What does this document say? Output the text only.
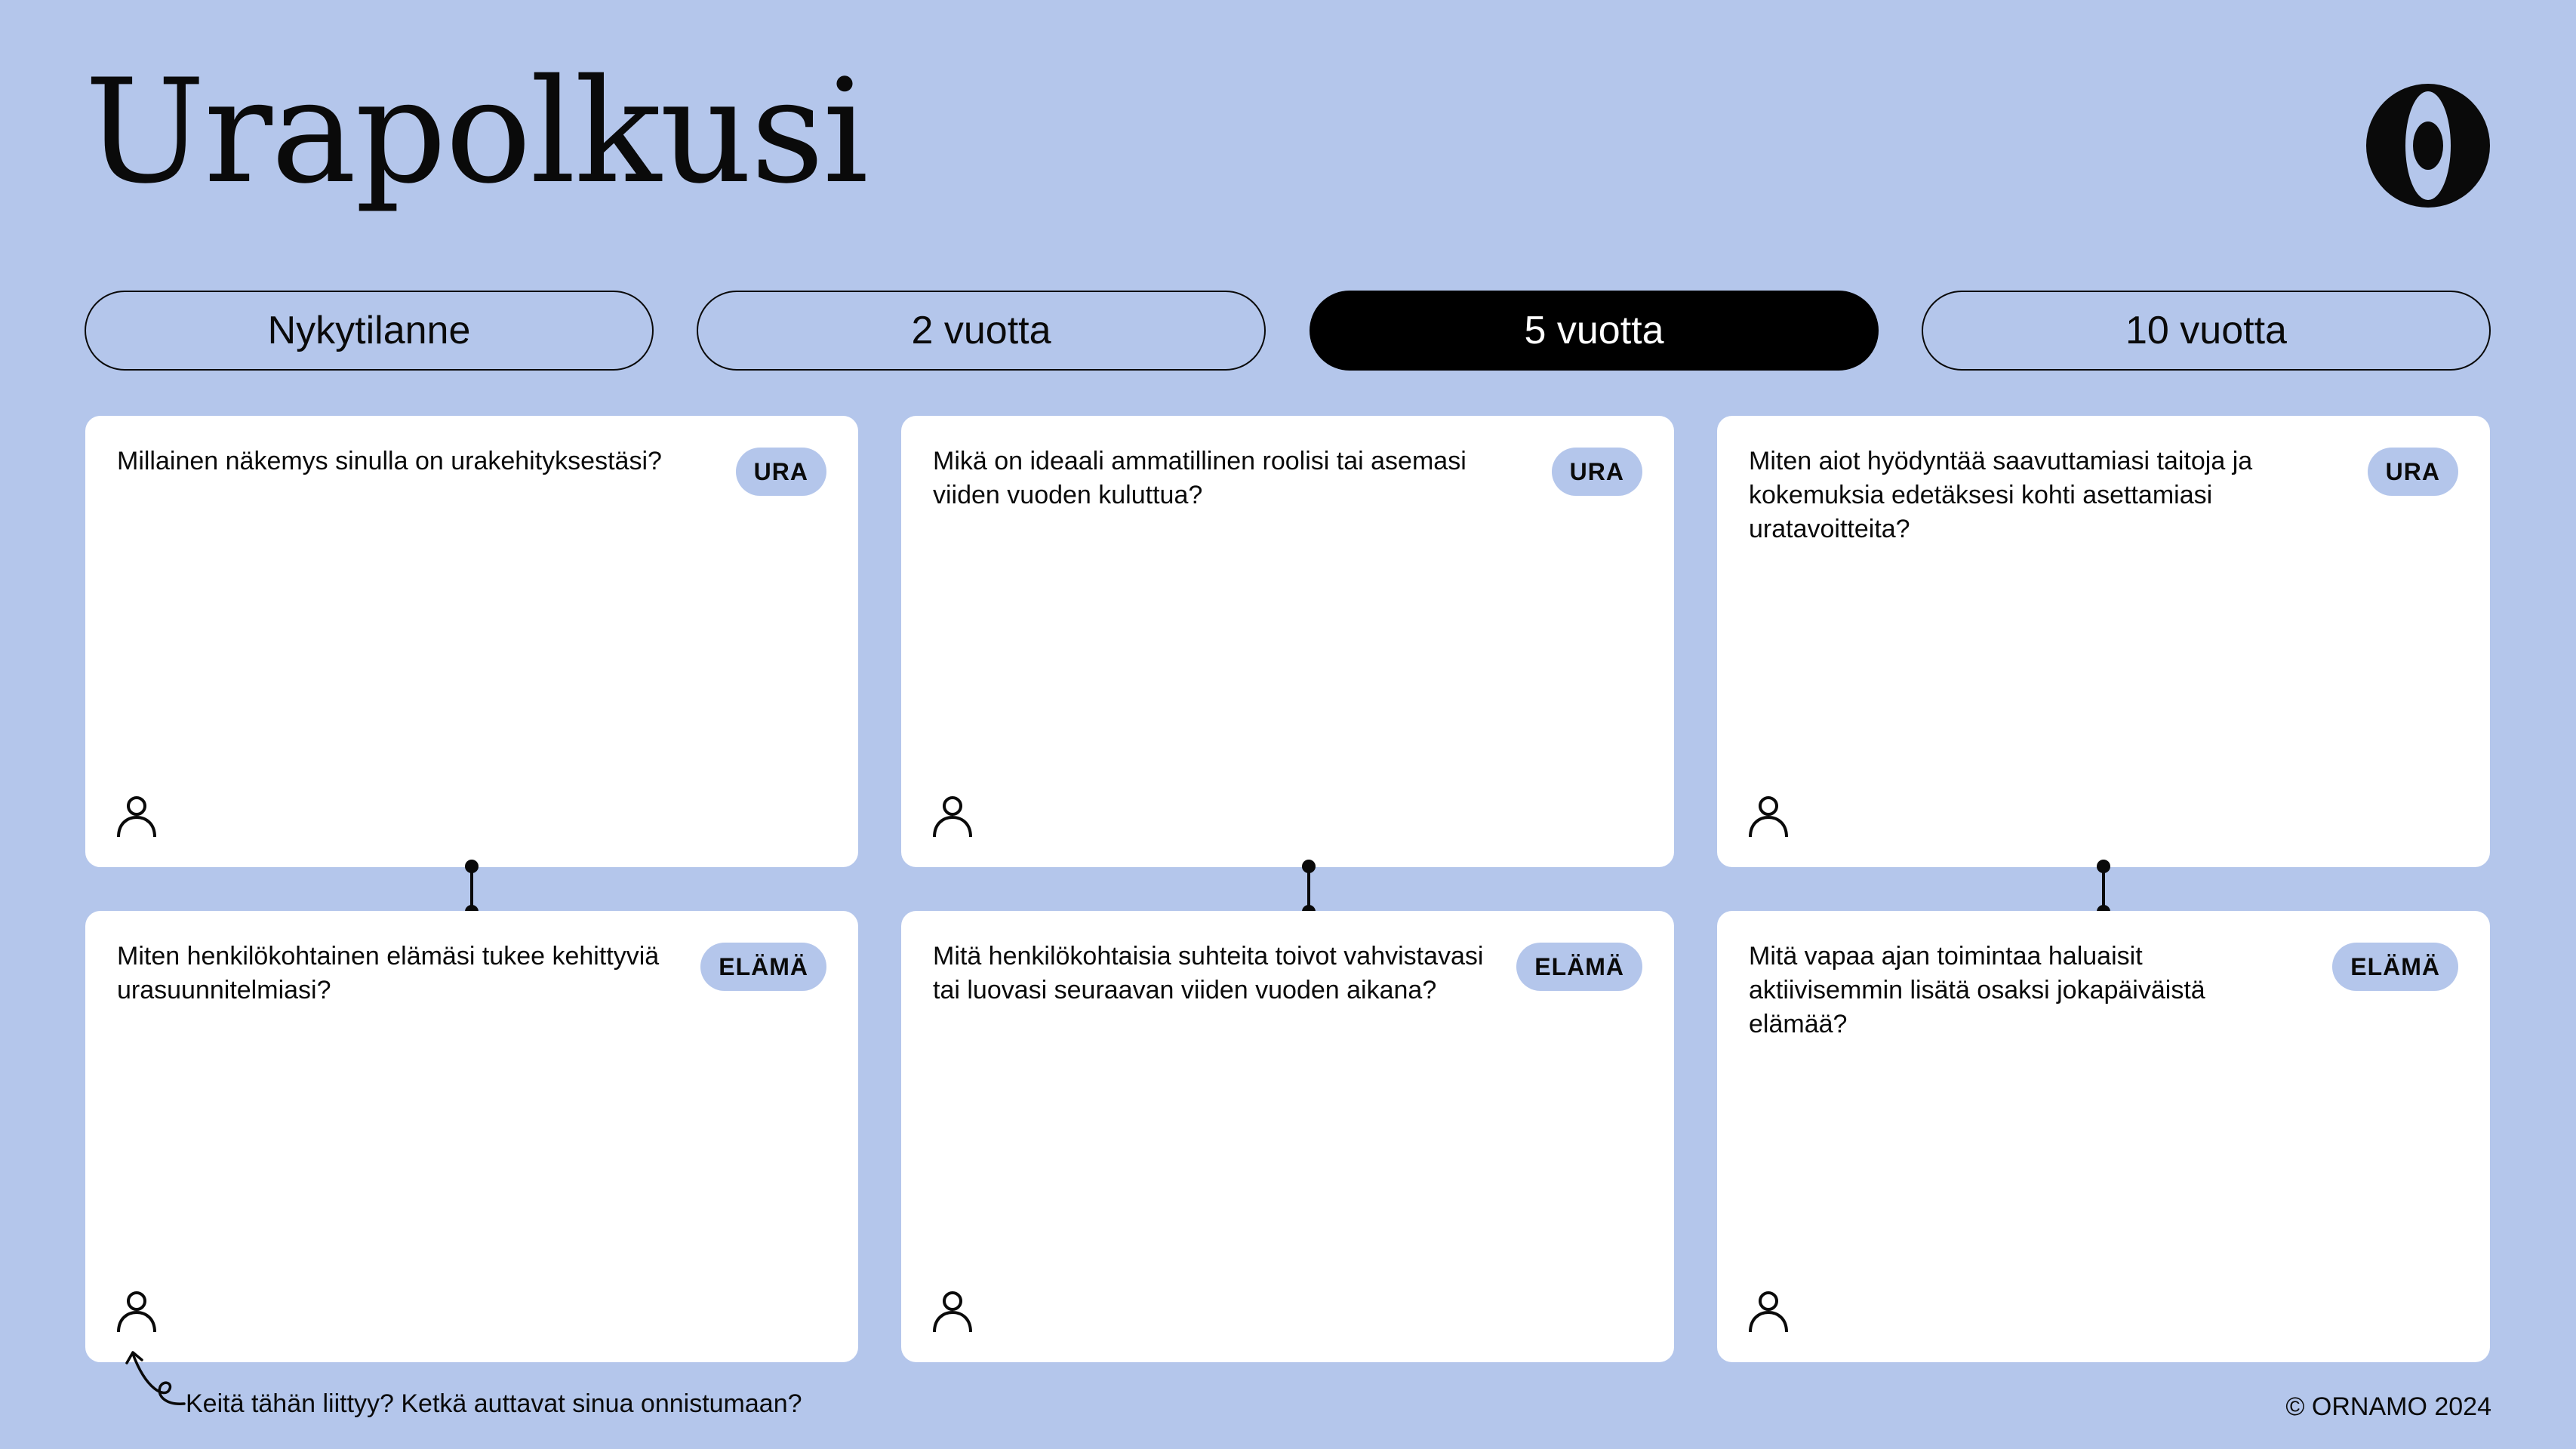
Urapolkusi
Nykytilanne	2 vuotta	5 vuotta	10 vuotta
Millainen näkemys sinulla on urakehityksestäsi?	URA	Mikä on ideaali ammatillinen roolisi tai asemasi viiden vuoden kuluttua?
URA	Miten aiot hyödyntää saavuttamiasi taitoja ja kokemuksia edetäksesi kohti asettamiasi uratavoitteita?
URA
Miten henkilökohtainen elämäsi tukee kehittyviä urasuunnitelmiasi?
ELÄMÄ	Mitä henkilökohtaisia suhteita toivot vahvistavasi tai luovasi seuraavan viiden vuoden aikana?
ELÄMÄ	Mitä vapaa ajan toimintaa haluaisit aktiivisemmin lisätä osaksi jokapäiväistä elämää?
ELÄMÄ
Keitä tähän liittyy? Ketkä auttavat sinua onnistumaan?	© ORNAMO 2024
